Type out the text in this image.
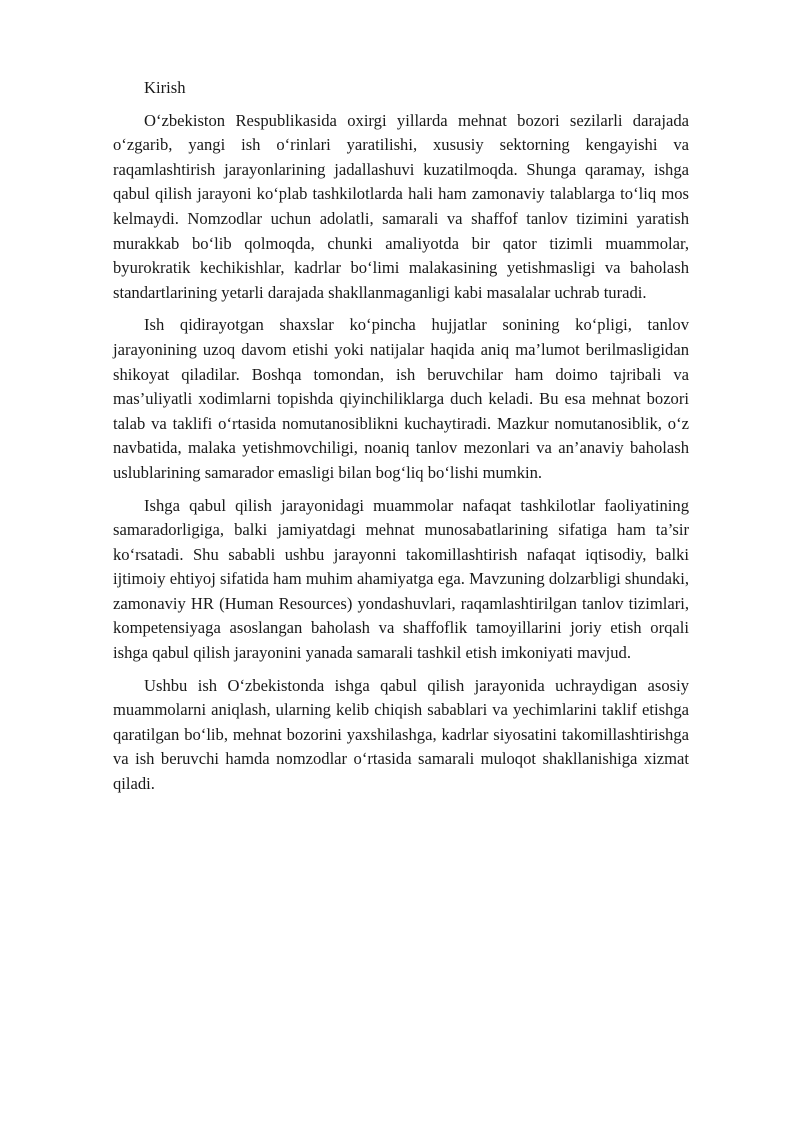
Kirish

O‘zbekiston Respublikasida oxirgi yillarda mehnat bozori sezilarli darajada o‘zgarib, yangi ish o‘rinlari yaratilishi, xususiy sektorning kengayishi va raqamlashtirish jarayonlarining jadallashuvi kuzatilmoqda. Shunga qaramay, ishga qabul qilish jarayoni ko‘plab tashkilotlarda hali ham zamonaviy talablarga to‘liq mos kelmaydi. Nomzodlar uchun adolatli, samarali va shaffof tanlov tizimini yaratish murakkab bo‘lib qolmoqda, chunki amaliyotda bir qator tizimli muammolar, byurokratik kechikishlar, kadrlar bo‘limi malakasining yetishmasligi va baholash standartlarining yetarli darajada shakllanmaganligi kabi masalalar uchrab turadi.

Ish qidirayotgan shaxslar ko‘pincha hujjatlar sonining ko‘pligi, tanlov jarayonining uzoq davom etishi yoki natijalar haqida aniq ma’lumot berilmasligidan shikoyat qiladilar. Boshqa tomondan, ish beruvchilar ham doimo tajribali va mas’uliyatli xodimlarni topishda qiyinchiliklarga duch keladi. Bu esa mehnat bozori talab va taklifi o‘rtasida nomutanosiblikni kuchaytiradi. Mazkur nomutanosiblik, o‘z navbatida, malaka yetishmovchiligi, noaniq tanlov mezonlari va an’anaviy baholash uslublarining samarador emasligi bilan bog‘liq bo‘lishi mumkin.

Ishga qabul qilish jarayonidagi muammolar nafaqat tashkilotlar faoliyatining samaradorligiga, balki jamiyatdagi mehnat munosabatlarining sifatiga ham ta’sir ko‘rsatadi. Shu sababli ushbu jarayonni takomillashtirish nafaqat iqtisodiy, balki ijtimoiy ehtiyoj sifatida ham muhim ahamiyatga ega. Mavzuning dolzarbligi shundaki, zamonaviy HR (Human Resources) yondashuvlari, raqamlashtirilgan tanlov tizimlari, kompetensiyaga asoslangan baholash va shaffoflik tamoyillarini joriy etish orqali ishga qabul qilish jarayonini yanada samarali tashkil etish imkoniyati mavjud.

Ushbu ish O‘zbekistonda ishga qabul qilish jarayonida uchraydigan asosiy muammolarni aniqlash, ularning kelib chiqish sabablari va yechimlarini taklif etishga qaratilgan bo‘lib, mehnat bozorini yaxshilashga, kadrlar siyosatini takomillashtirishga va ish beruvchi hamda nomzodlar o‘rtasida samarali muloqot shakllanishiga xizmat qiladi.
